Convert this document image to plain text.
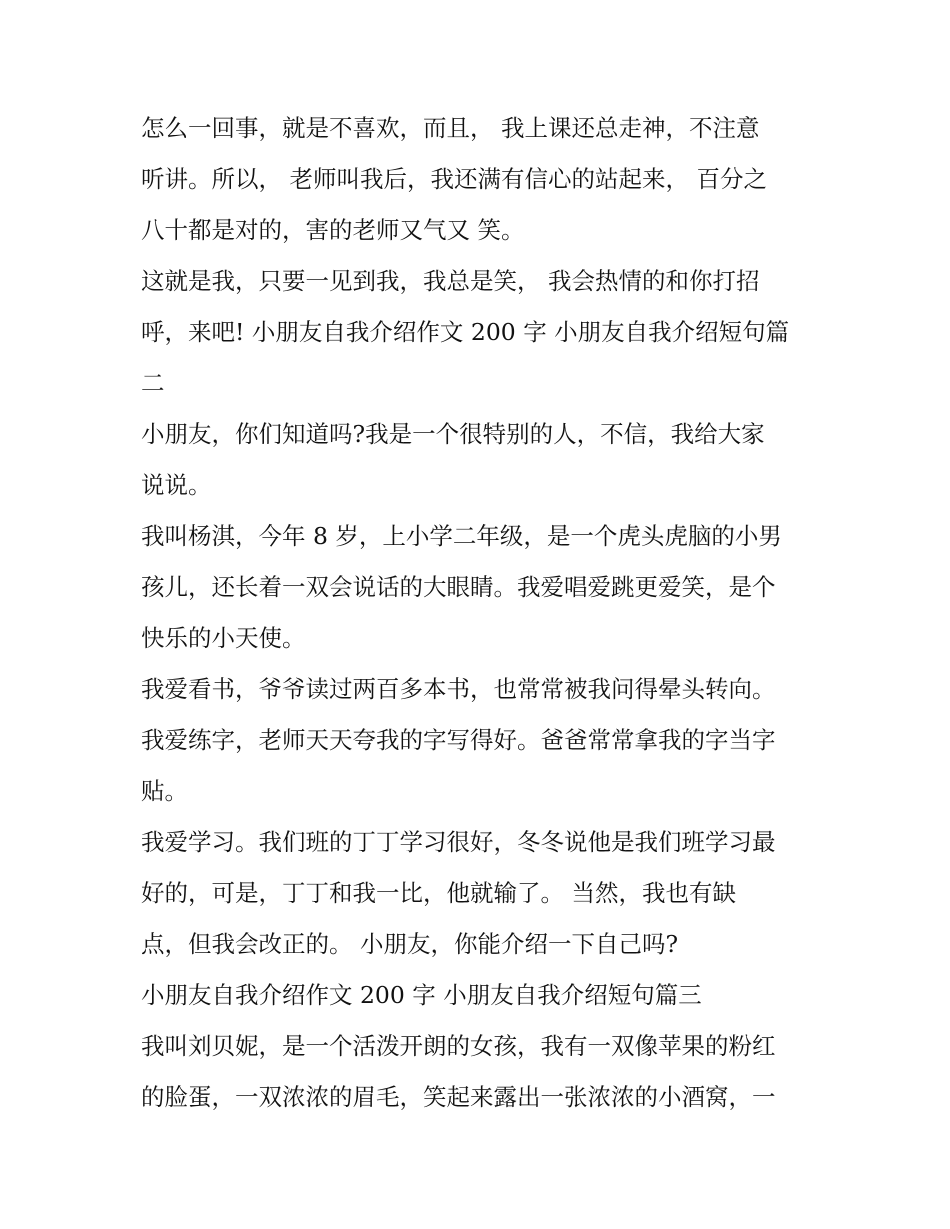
怎么一回事，就是不喜欢，而且， 我上课还总走神，不注意
听讲。所以， 老师叫我后，我还满有信心的站起来， 百分之
八十都是对的，害的老师又气又 笑。
这就是我，只要一见到我，我总是笑， 我会热情的和你打招
呼，来吧! 小朋友自我介绍作文 200 字 小朋友自我介绍短句篇
二
小朋友，你们知道吗?我是一个很特别的人，不信，我给大家
说说。
我叫杨淇，今年 8 岁，上小学二年级，是一个虎头虎脑的小男
孩儿，还长着一双会说话的大眼睛。我爱唱爱跳更爱笑，是个
快乐的小天使。
我爱看书，爷爷读过两百多本书，也常常被我问得晕头转向。
我爱练字，老师天天夸我的字写得好。爸爸常常拿我的字当字
贴。
我爱学习。我们班的丁丁学习很好，冬冬说他是我们班学习最
好的，可是，丁丁和我一比，他就输了。 当然，我也有缺
点，但我会改正的。 小朋友，你能介绍一下自己吗?
小朋友自我介绍作文 200 字 小朋友自我介绍短句篇三
我叫刘贝妮，是一个活泼开朗的女孩，我有一双像苹果的粉红
的脸蛋，一双浓浓的眉毛，笑起来露出一张浓浓的小酒窝，一
